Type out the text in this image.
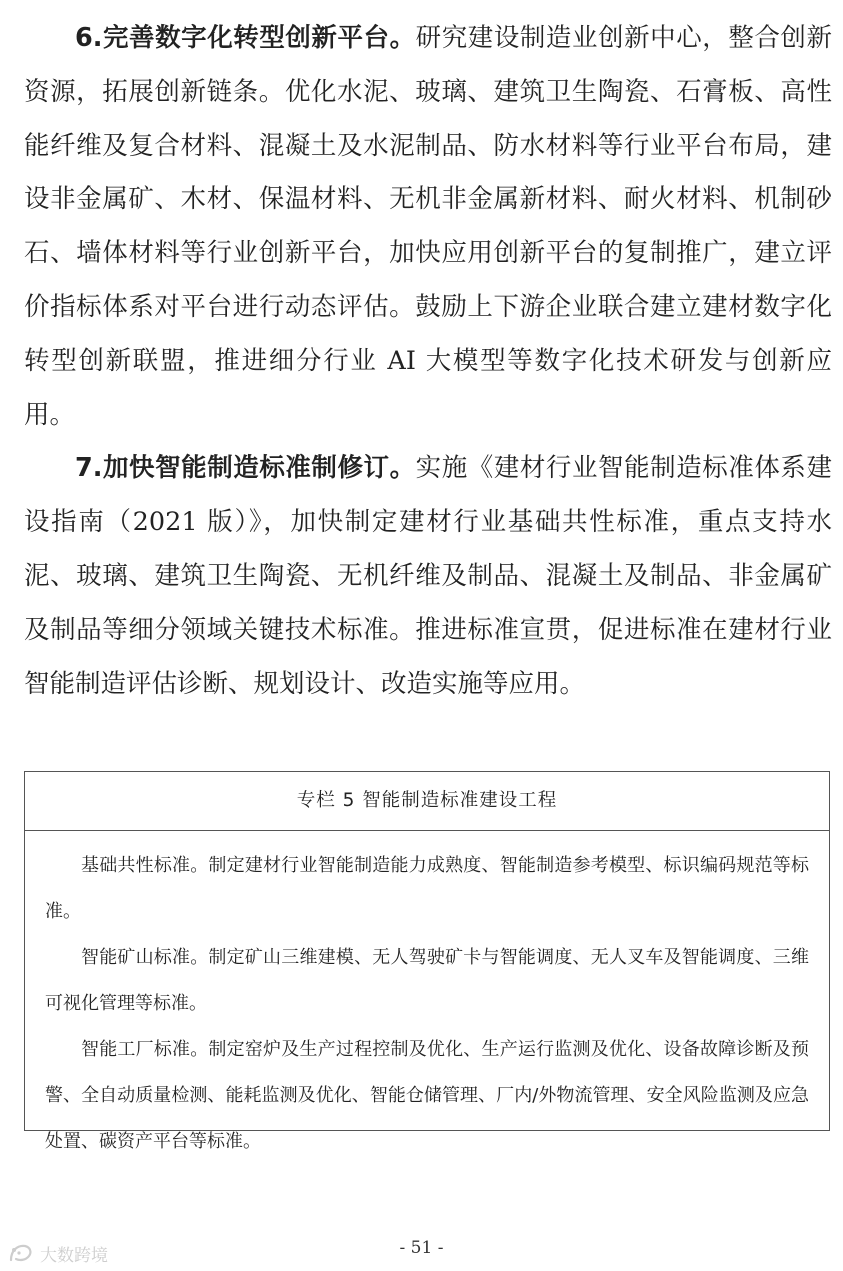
6.完善数字化转型创新平台。研究建设制造业创新中心，整合创新资源，拓展创新链条。优化水泥、玻璃、建筑卫生陶瓷、石膏板、高性能纤维及复合材料、混凝土及水泥制品、防水材料等行业平台布局，建设非金属矿、木材、保温材料、无机非金属新材料、耐火材料、机制砂石、墙体材料等行业创新平台，加快应用创新平台的复制推广，建立评价指标体系对平台进行动态评估。鼓励上下游企业联合建立建材数字化转型创新联盟，推进细分行业 AI 大模型等数字化技术研发与创新应用。

7.加快智能制造标准制修订。实施《建材行业智能制造标准体系建设指南（2021 版）》，加快制定建材行业基础共性标准，重点支持水泥、玻璃、建筑卫生陶瓷、无机纤维及制品、混凝土及制品、非金属矿及制品等细分领域关键技术标准。推进标准宣贯，促进标准在建材行业智能制造评估诊断、规划设计、改造实施等应用。

专栏 5 智能制造标准建设工程

基础共性标准。制定建材行业智能制造能力成熟度、智能制造参考模型、标识编码规范等标准。

智能矿山标准。制定矿山三维建模、无人驾驶矿卡与智能调度、无人叉车及智能调度、三维可视化管理等标准。

智能工厂标准。制定窑炉及生产过程控制及优化、生产运行监测及优化、设备故障诊断及预警、全自动质量检测、能耗监测及优化、智能仓储管理、厂内/外物流管理、安全风险监测及应急处置、碳资产平台等标准。

- 51 -
大数跨境
